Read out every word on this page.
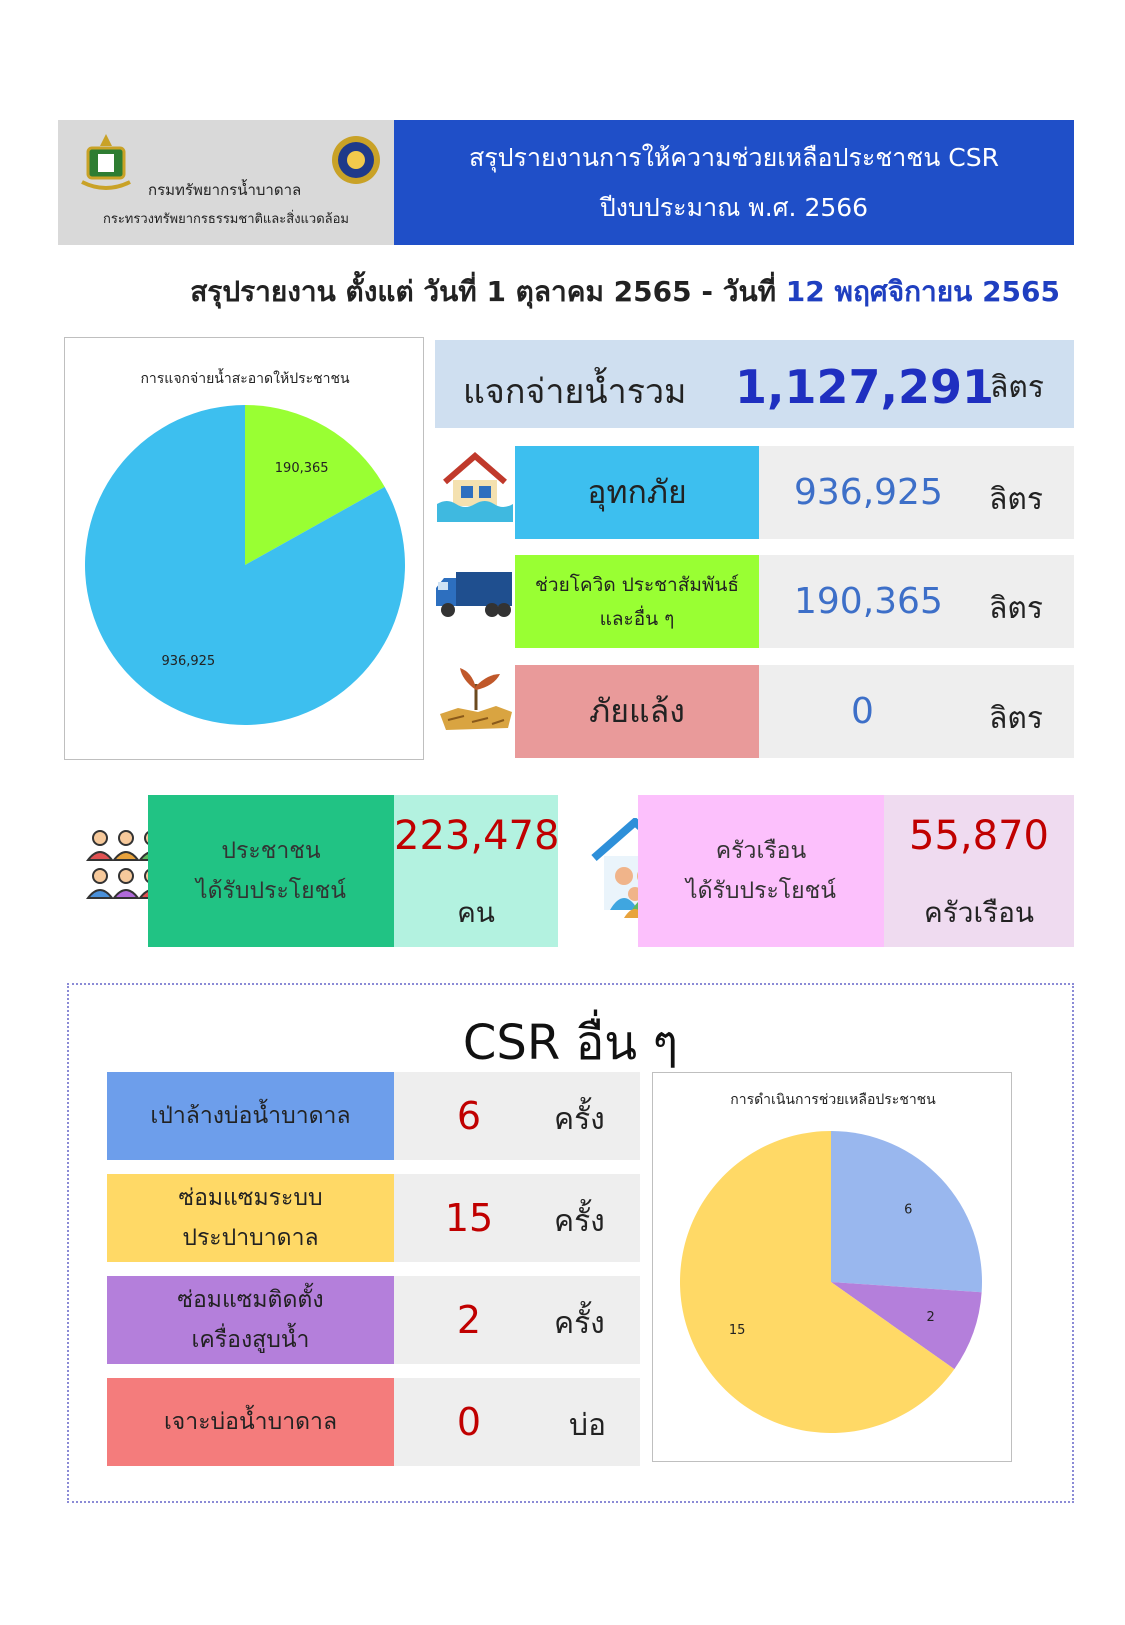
กรมทรัพยากรน้ำบาดาล
กระทรวงทรัพยากรธรรมชาติและสิ่งแวดล้อม
สรุปรายงานการให้ความช่วยเหลือประชาชน CSR
ปีงบประมาณ พ.ศ. 2566
สรุปรายงาน ตั้งแต่ วันที่ 1 ตุลาคม 2565 - วันที่ 12 พฤศจิกายน 2565
การแจกจ่ายน้ำสะอาดให้ประชาชน
190,365
936,925
แจกจ่ายน้ำรวม 1,127,291
ลิตร
อุทกภัย	936,925 ลิตร
ช่วยโควิด ประชาสัมพันธ์ และอื่น ๆ	190,365 ลิตร
ภัยแล้ง	0	ลิตร
ประชาชน
ได้รับประโยชน์
223,478
คน
ครัวเรือน
ได้รับประโยชน์
55,870
ครัวเรือน
CSR อื่น ๆ
เป่าล้างบ่อน้ำบาดาล	6	ครั้ง
ซ่อมแซมระบบ
ประปาบาดาล	15	ครั้ง
ซ่อมแซมติดตั้ง
เครื่องสูบน้ำ	2	ครั้ง
เจาะบ่อน้ำบาดาล	0	บ่อ
การดำเนินการช่วยเหลือประชาชน
6
2
15
